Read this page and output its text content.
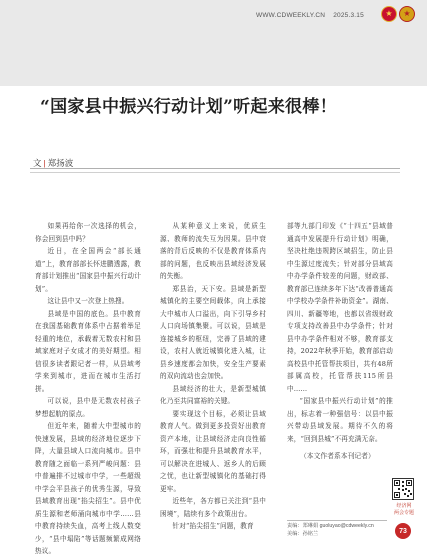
WWW.CDWEEKLY.CN 2025.3.15	★ ★
“国家县中振兴行动计划”听起来很棒！
文 | 郑扬波

如果再给你一次选择的机会，你会回到县中吗？

近日，在全国两会“部长通道”上，教育部部长怀进鹏透露，教育部计划推出“国家县中振兴行动计划”。

这让县中又一次登上热搜。

县域是中国的底色。县中教育在我国基础教育体系中占据着举足轻重的地位，承载着无数农村和县域家庭对子女成才的美好期望。相信很多读者跟记者一样，从县域考学来到城市，进而在城市生活打拼。

可以说，县中是无数农村孩子梦想起航的原点。

但近年来，随着大中型城市的快速发展，县域的经济地位逐步下降，大量县域人口流向城市。县中教育随之面临一系列严峻问题：县中普遍排不过城市中学，一些超级中学会平县孩子的优秀生源，导致县域教育出现“掐尖招生”。县中优质生源和老师涌向城市中学……县中教育持续失血，高考上线人数变少，“县中塌陷”等话题频繁成网络热议。

从某种意义上来说，优质生源、教师的流失互为因果。县中衰落的背后反映的不仅是教育体系内部的问题，也反映出县域经济发展的失衡。

郑县治，天下安。县域是新型城镇化的主要空间载体，向上承接大中城市人口溢出，向下引导乡村人口向场镇集聚。可以说，县域是连接城乡的枢纽，完善了县域的建设，农村人就近城镇化进入城，让县乡速度都会加快，安全生产要素的双向流动也会加快。

县域经济的壮大，是新型城镇化乃至共同富裕的关键。

要实现这个目标，必须让县域教育人气。做到更多投资好出教育资产本地，让县域经济走向良性循环，而强壮和提升县域教育水平，可以解决在进城人、返乡人的后顾之忧，也让新型城镇化的基础打得更牢。

近些年，各方都已关注到“县中困境”，陆续有多个政策出台。

针对“掐尖招生”问题，教育

部等九部门印发《“十四五”县域普通高中发展提升行动计划》明确，坚决杜绝违规跨区域招生，防止县中生源过度流失；针对部分县域高中办学条件较差的问题，财政部、教育部已连续多年下达“改善普通高中学校办学条件补助资金”。湖南、四川、新疆等地，也都以省级财政专项支持改善县中办学条件；针对县中办学条件相对不够，教育部支持，2022年秋季开始，教育部启动高校县中托管帮扶项目，共有48所部属高校，托管帮扶115所县中……

“国家县中振兴行动计划”的推出，标志着一种强信号：以县中振兴带动县域发展。期待不久的将来，“回到县城”不再充满无奈。

（本文作者系本刊记者）
经济网
两会专题
责编：郑琳娟 guoluyao@cdweekly.cn
美编：孙铭兰	73
